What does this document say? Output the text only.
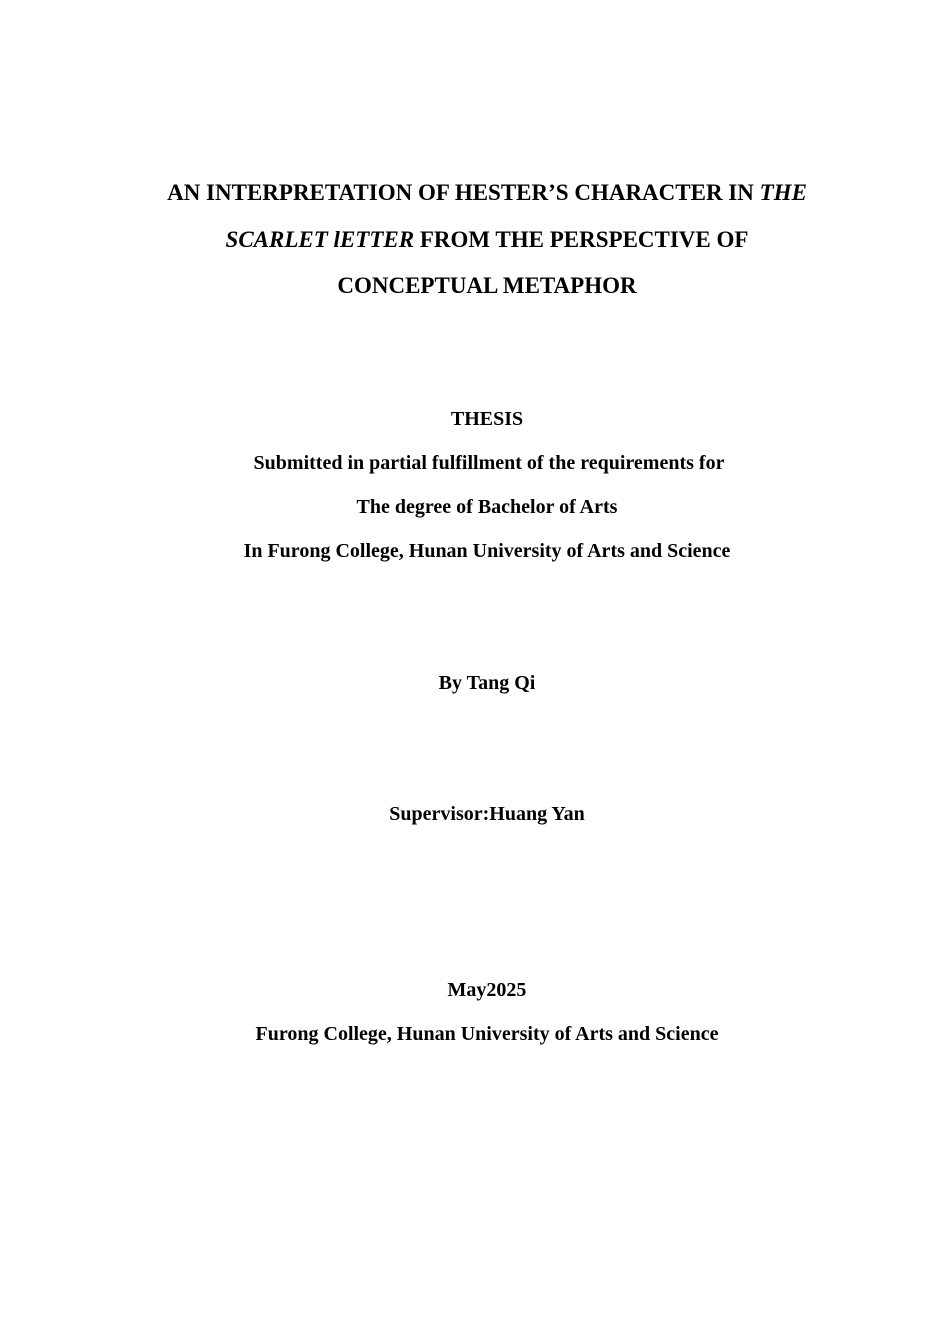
AN INTERPRETATION OF HESTER’S CHARACTER IN THE
SCARLET lETTER FROM THE PERSPECTIVE OF
CONCEPTUAL METAPHOR
THESIS
Submitted in partial fulfillment of the requirements for
The degree of Bachelor of Arts
In Furong College, Hunan University of Arts and Science
By Tang Qi
Supervisor:Huang Yan
May2025
Furong College, Hunan University of Arts and Science
